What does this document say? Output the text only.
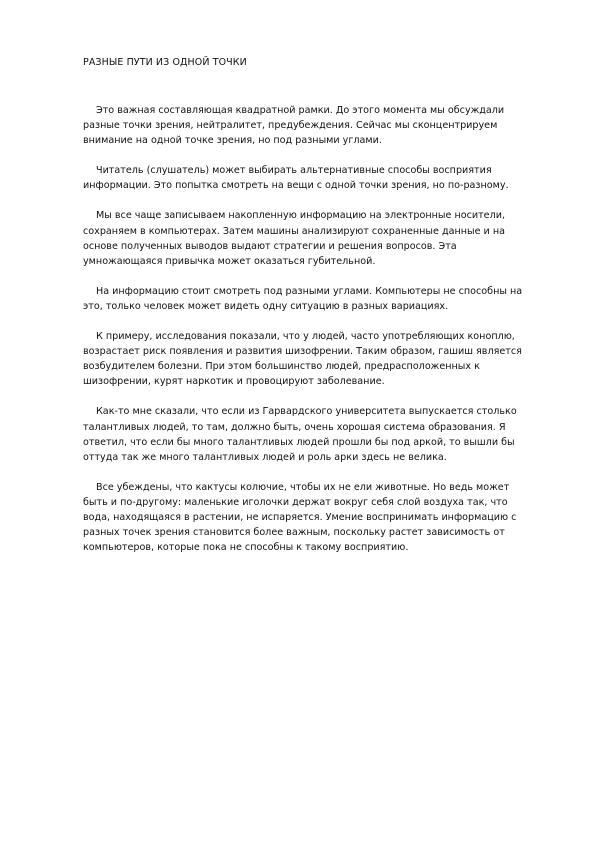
РАЗНЫЕ ПУТИ ИЗ ОДНОЙ ТОЧКИ

Это важная составляющая квадратной рамки. До этого момента мы обсуждали разные точки зрения, нейтралитет, предубеждения. Сейчас мы сконцентрируем внимание на одной точке зрения, но под разными углами.

Читатель (слушатель) может выбирать альтернативные способы восприятия информации. Это попытка смотреть на вещи с одной точки зрения, но по-разному.

Мы все чаще записываем накопленную информацию на электронные носители, сохраняем в компьютерах. Затем машины анализируют сохраненные данные и на основе полученных выводов выдают стратегии и решения вопросов. Эта умножающаяся привычка может оказаться губительной.

На информацию стоит смотреть под разными углами. Компьютеры не способны на это, только человек может видеть одну ситуацию в разных вариациях.

К примеру, исследования показали, что у людей, часто употребляющих коноплю, возрастает риск появления и развития шизофрении. Таким образом, гашиш является возбудителем болезни. При этом большинство людей, предрасположенных к шизофрении, курят наркотик и провоцируют заболевание.

Как-то мне сказали, что если из Гарвардского университета выпускается столько талантливых людей, то там, должно быть, очень хорошая система образования. Я ответил, что если бы много талантливых людей прошли бы под аркой, то вышли бы оттуда так же много талантливых людей и роль арки здесь не велика.

Все убеждены, что кактусы колючие, чтобы их не ели животные. Но ведь может быть и по-другому: маленькие иголочки держат вокруг себя слой воздуха так, что вода, находящаяся в растении, не испаряется. Умение воспринимать информацию с разных точек зрения становится более важным, поскольку растет зависимость от компьютеров, которые пока не способны к такому восприятию.
